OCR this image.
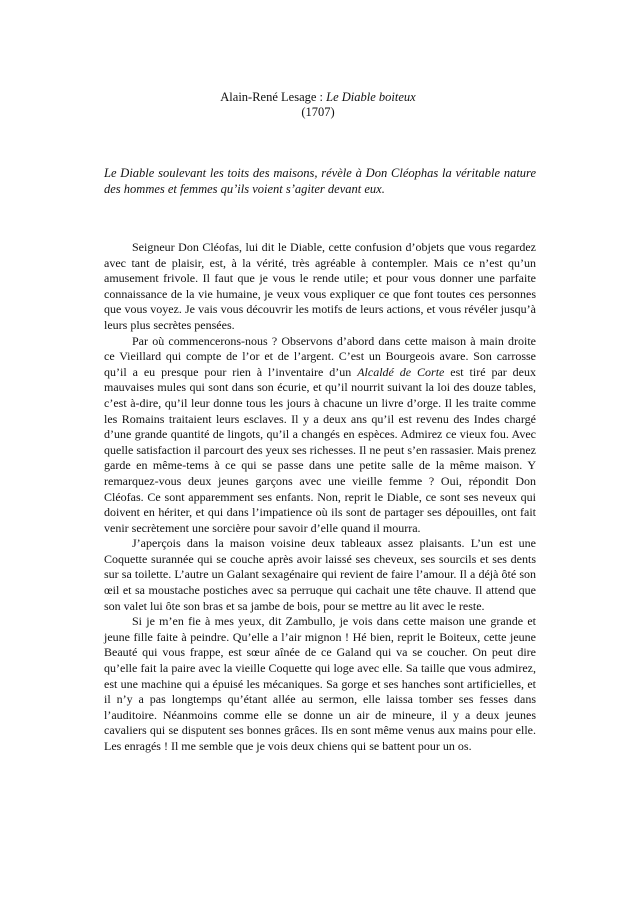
Alain-René Lesage : Le Diable boiteux
(1707)
Le Diable soulevant les toits des maisons, révèle à Don Cléophas la véritable nature des hommes et femmes qu’ils voient s’agiter devant eux.

Seigneur Don Cléofas, lui dit le Diable, cette confusion d’objets que vous regardez avec tant de plaisir, est, à la vérité, très agréable à contempler. Mais ce n’est qu’un amusement frivole. Il faut que je vous le rende utile; et pour vous donner une parfaite connaissance de la vie humaine, je veux vous expliquer ce que font toutes ces personnes que vous voyez. Je vais vous découvrir les motifs de leurs actions, et vous révéler jusqu’à leurs plus secrètes pensées.

Par où commencerons-nous ? Observons d’abord dans cette maison à main droite ce Vieillard qui compte de l’or et de l’argent. C’est un Bourgeois avare. Son carrosse qu’il a eu presque pour rien à l’inventaire d’un Alcaldé de Corte est tiré par deux mauvaises mules qui sont dans son écurie, et qu’il nourrit suivant la loi des douze tables, c’est à-dire, qu’il leur donne tous les jours à chacune un livre d’orge. Il les traite comme les Romains traitaient leurs esclaves. Il y a deux ans qu’il est revenu des Indes chargé d’une grande quantité de lingots, qu’il a changés en espèces. Admirez ce vieux fou. Avec quelle satisfaction il parcourt des yeux ses richesses. Il ne peut s’en rassasier. Mais prenez garde en même-tems à ce qui se passe dans une petite salle de la même maison. Y remarquez-vous deux jeunes garçons avec une vieille femme ? Oui, répondit Don Cléofas. Ce sont apparemment ses enfants. Non, reprit le Diable, ce sont ses neveux qui doivent en hériter, et qui dans l’impatience où ils sont de partager ses dépouilles, ont fait venir secrètement une sorcière pour savoir d’elle quand il mourra.

J’aperçois dans la maison voisine deux tableaux assez plaisants. L’un est une Coquette surannée qui se couche après avoir laissé ses cheveux, ses sourcils et ses dents sur sa toilette. L’autre un Galant sexagénaire qui revient de faire l’amour. Il a déjà ôté son œil et sa moustache postiches avec sa perruque qui cachait une tête chauve. Il attend que son valet lui ôte son bras et sa jambe de bois, pour se mettre au lit avec le reste.

Si je m’en fie à mes yeux, dit Zambullo, je vois dans cette maison une grande et jeune fille faite à peindre. Qu’elle a l’air mignon ! Hé bien, reprit le Boiteux, cette jeune Beauté qui vous frappe, est sœur aînée de ce Galand qui va se coucher. On peut dire qu’elle fait la paire avec la vieille Coquette qui loge avec elle. Sa taille que vous admirez, est une machine qui a épuisé les mécaniques. Sa gorge et ses hanches sont artificielles, et il n’y a pas longtemps qu’étant allée au sermon, elle laissa tomber ses fesses dans l’auditoire. Néanmoins comme elle se donne un air de mineure, il y a deux jeunes cavaliers qui se disputent ses bonnes grâces. Ils en sont même venus aux mains pour elle. Les enragés ! Il me semble que je vois deux chiens qui se battent pour un os.
